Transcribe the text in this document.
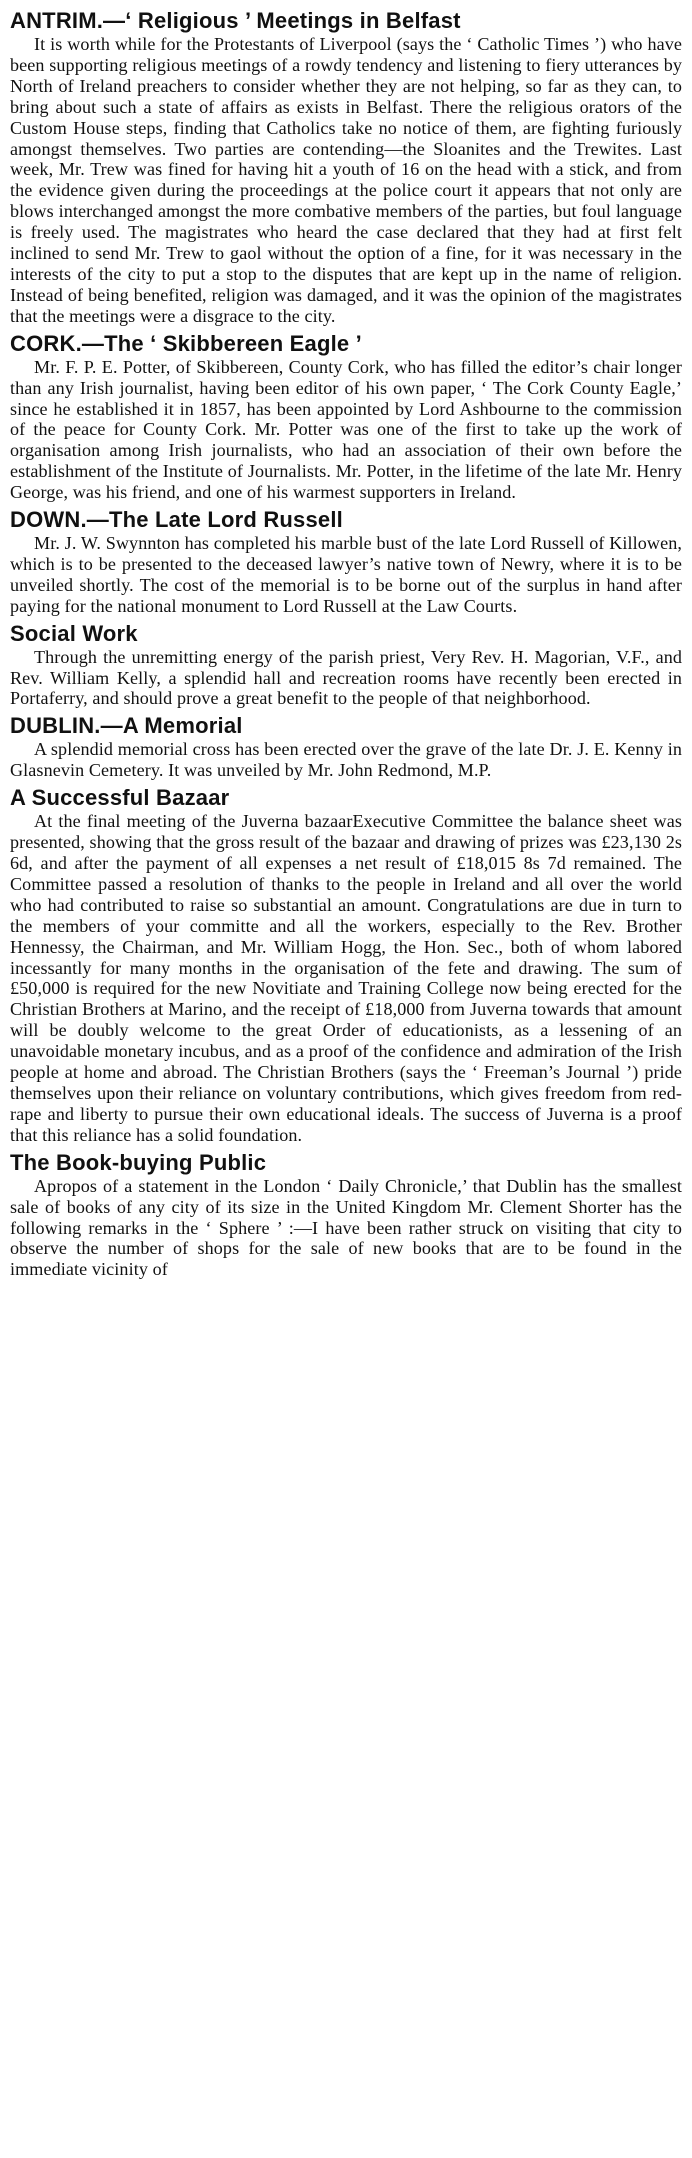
ANTRIM.—‘ Religious ’ Meetings in Belfast

It is worth while for the Protestants of Liverpool (says the ‘ Catholic Times ’) who have been supporting religious meetings of a rowdy tendency and listening to fiery utterances by North of Ireland preachers to consider whether they are not helping, so far as they can, to bring about such a state of affairs as exists in Belfast. There the religious orators of the Custom House steps, finding that Catholics take no notice of them, are fighting furiously amongst themselves. Two parties are contending—the Sloanites and the Trewites. Last week, Mr. Trew was fined for having hit a youth of 16 on the head with a stick, and from the evidence given during the proceedings at the police court it appears that not only are blows interchanged amongst the more combative members of the parties, but foul language is freely used. The magistrates who heard the case declared that they had at first felt inclined to send Mr. Trew to gaol without the option of a fine, for it was necessary in the interests of the city to put a stop to the disputes that are kept up in the name of religion. Instead of being benefited, religion was damaged, and it was the opinion of the magistrates that the meetings were a disgrace to the city.

CORK.—The ‘ Skibbereen Eagle ’

Mr. F. P. E. Potter, of Skibbereen, County Cork, who has filled the editor’s chair longer than any Irish journalist, having been editor of his own paper, ‘ The Cork County Eagle,’ since he established it in 1857, has been appointed by Lord Ashbourne to the commission of the peace for County Cork. Mr. Potter was one of the first to take up the work of organisation among Irish journalists, who had an association of their own before the establishment of the Institute of Journalists. Mr. Potter, in the lifetime of the late Mr. Henry George, was his friend, and one of his warmest supporters in Ireland.

DOWN.—The Late Lord Russell

Mr. J. W. Swynnton has completed his marble bust of the late Lord Russell of Killowen, which is to be presented to the deceased lawyer’s native town of Newry, where it is to be unveiled shortly. The cost of the memorial is to be borne out of the surplus in hand after paying for the national monument to Lord Russell at the Law Courts.

Social Work

Through the unremitting energy of the parish priest, Very Rev. H. Magorian, V.F., and Rev. William Kelly, a splendid hall and recreation rooms have recently been erected in Portaferry, and should prove a great benefit to the people of that neighborhood.

DUBLIN.—A Memorial

A splendid memorial cross has been erected over the grave of the late Dr. J. E. Kenny in Glasnevin Cemetery. It was unveiled by Mr. John Redmond, M.P.

A Successful Bazaar

At the final meeting of the Juverna bazaarExecutive Committee the balance sheet was presented, showing that the gross result of the bazaar and drawing of prizes was £23,130 2s 6d, and after the payment of all expenses a net result of £18,015 8s 7d remained. The Committee passed a resolution of thanks to the people in Ireland and all over the world who had contributed to raise so substantial an amount. Congratulations are due in turn to the members of your committe and all the workers, especially to the Rev. Brother Hennessy, the Chairman, and Mr. William Hogg, the Hon. Sec., both of whom labored incessantly for many months in the organisation of the fete and drawing. The sum of £50,000 is required for the new Novitiate and Training College now being erected for the Christian Brothers at Marino, and the receipt of £18,000 from Juverna towards that amount will be doubly welcome to the great Order of educationists, as a lessening of an unavoidable monetary incubus, and as a proof of the confidence and admiration of the Irish people at home and abroad. The Christian Brothers (says the ‘ Freeman’s Journal ’) pride themselves upon their reliance on voluntary contributions, which gives freedom from red-rape and liberty to pursue their own educational ideals. The success of Juverna is a proof that this reliance has a solid foundation.

The Book-buying Public

Apropos of a statement in the London ‘ Daily Chronicle,’ that Dublin has the smallest sale of books of any city of its size in the United Kingdom Mr. Clement Shorter has the following remarks in the ‘ Sphere ’ :—I have been rather struck on visiting that city to observe the number of shops for the sale of new books that are to be found in the immediate vicinity of
